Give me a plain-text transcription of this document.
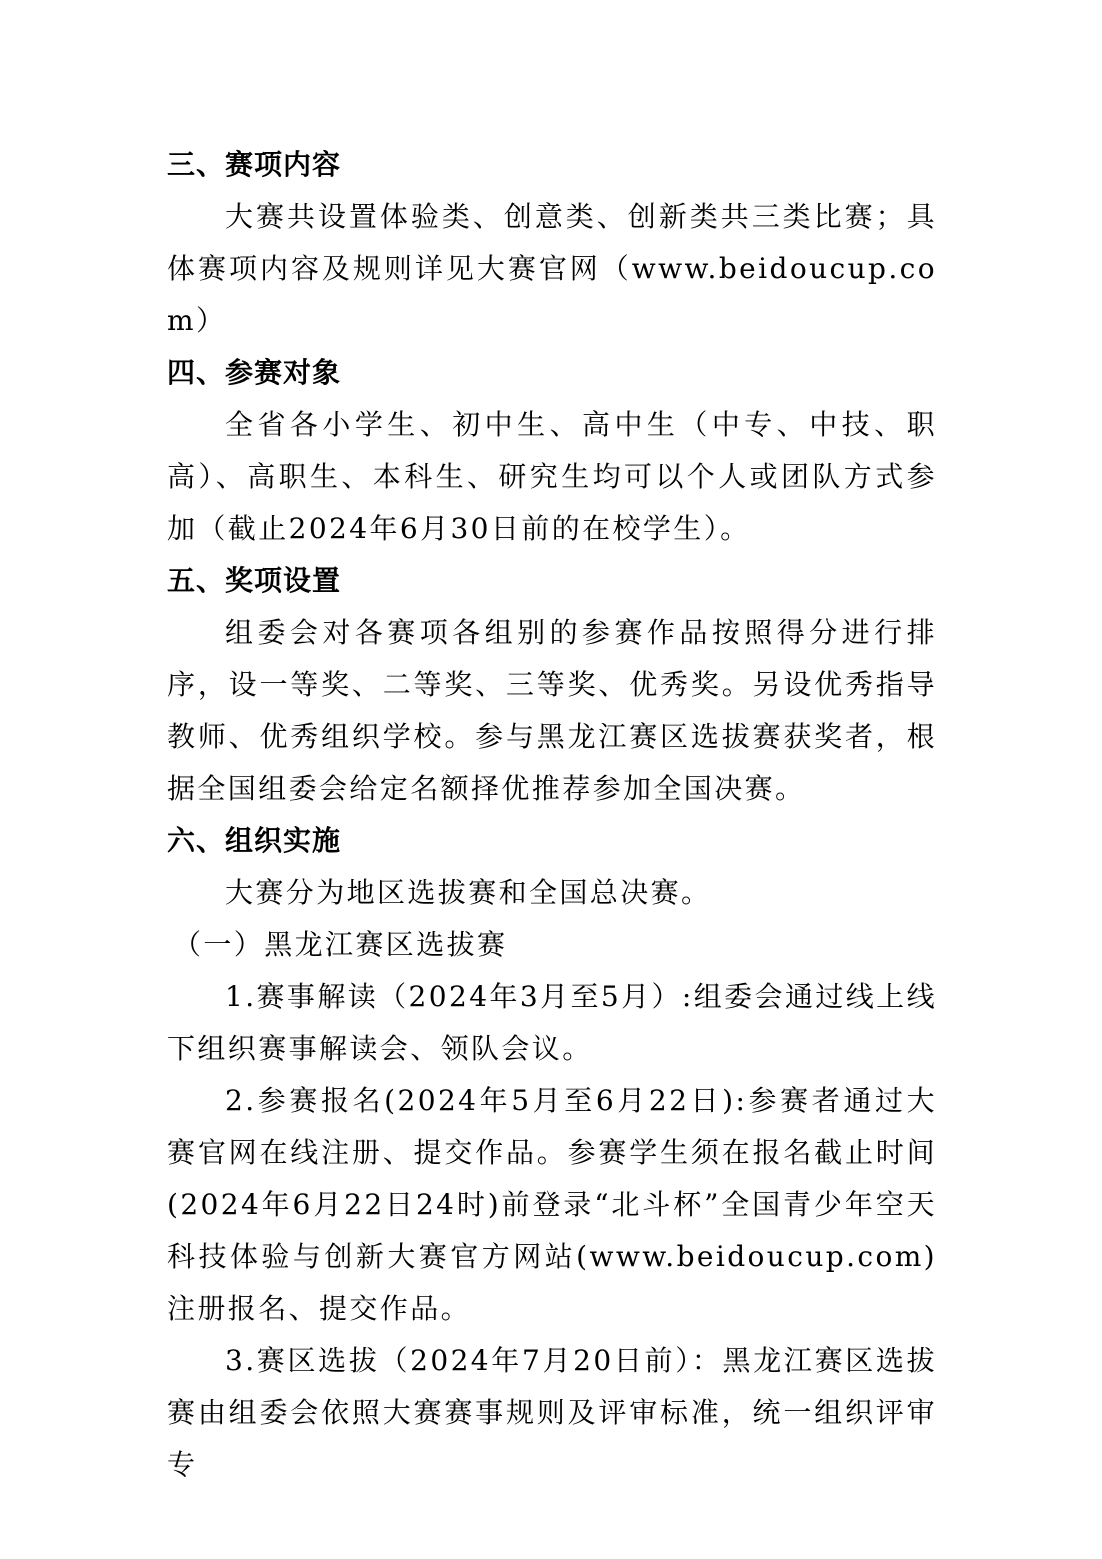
三、赛项内容

大赛共设置体验类、创意类、创新类共三类比赛；具体赛项内容及规则详见大赛官网（www.beidoucup.com）

四、参赛对象

全省各小学生、初中生、高中生（中专、中技、职高）、高职生、本科生、研究生均可以个人或团队方式参加（截止2024年6月30日前的在校学生）。

五、奖项设置

组委会对各赛项各组别的参赛作品按照得分进行排序，设一等奖、二等奖、三等奖、优秀奖。另设优秀指导教师、优秀组织学校。参与黑龙江赛区选拔赛获奖者，根据全国组委会给定名额择优推荐参加全国决赛。

六、组织实施

大赛分为地区选拔赛和全国总决赛。

（一）黑龙江赛区选拔赛

1.赛事解读（2024年3月至5月）:组委会通过线上线下组织赛事解读会、领队会议。

2.参赛报名(2024年5月至6月22日):参赛者通过大赛官网在线注册、提交作品。参赛学生须在报名截止时间(2024年6月22日24时)前登录“北斗杯”全国青少年空天科技体验与创新大赛官方网站(www.beidoucup.com)注册报名、提交作品。

3.赛区选拔（2024年7月20日前）：黑龙江赛区选拔赛由组委会依照大赛赛事规则及评审标准，统一组织评审专
